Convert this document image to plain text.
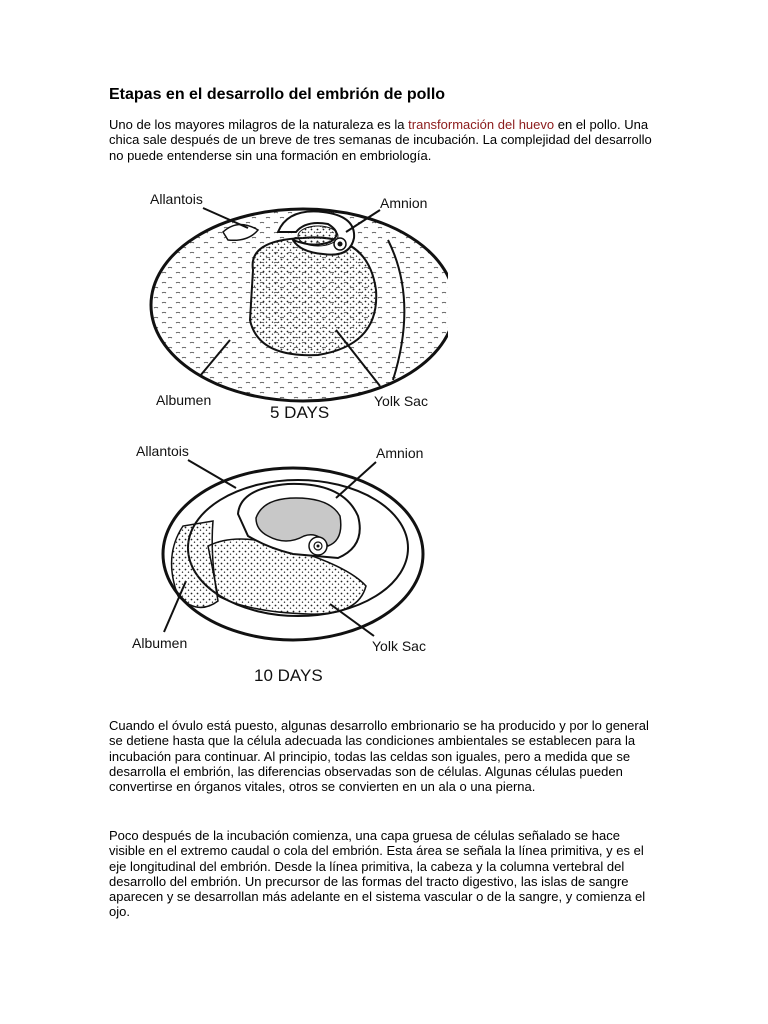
Etapas en el desarrollo del embrión de pollo

Uno de los mayores milagros de la naturaleza es la transformación del huevo en el pollo. Una chica sale después de un breve de tres semanas de incubación. La complejidad del desarrollo no puede entenderse sin una formación en embriología.

Allantois	Amnion
Albumen	Yolk Sac
5 DAYS
Allantois	Amnion
Albumen	Yolk Sac
10 DAYS

Cuando el óvulo está puesto, algunas desarrollo embrionario se ha producido y por lo general se detiene hasta que la célula adecuada las condiciones ambientales se establecen para la incubación para continuar. Al principio, todas las celdas son iguales, pero a medida que se desarrolla el embrión, las diferencias observadas son de células. Algunas células pueden convertirse en órganos vitales, otros se convierten en un ala o una pierna.

Poco después de la incubación comienza, una capa gruesa de células señalado se hace visible en el extremo caudal o cola del embrión. Esta área se señala la línea primitiva, y es el eje longitudinal del embrión. Desde la línea primitiva, la cabeza y la columna vertebral del desarrollo del embrión. Un precursor de las formas del tracto digestivo, las islas de sangre aparecen y se desarrollan más adelante en el sistema vascular o de la sangre, y comienza el ojo.
